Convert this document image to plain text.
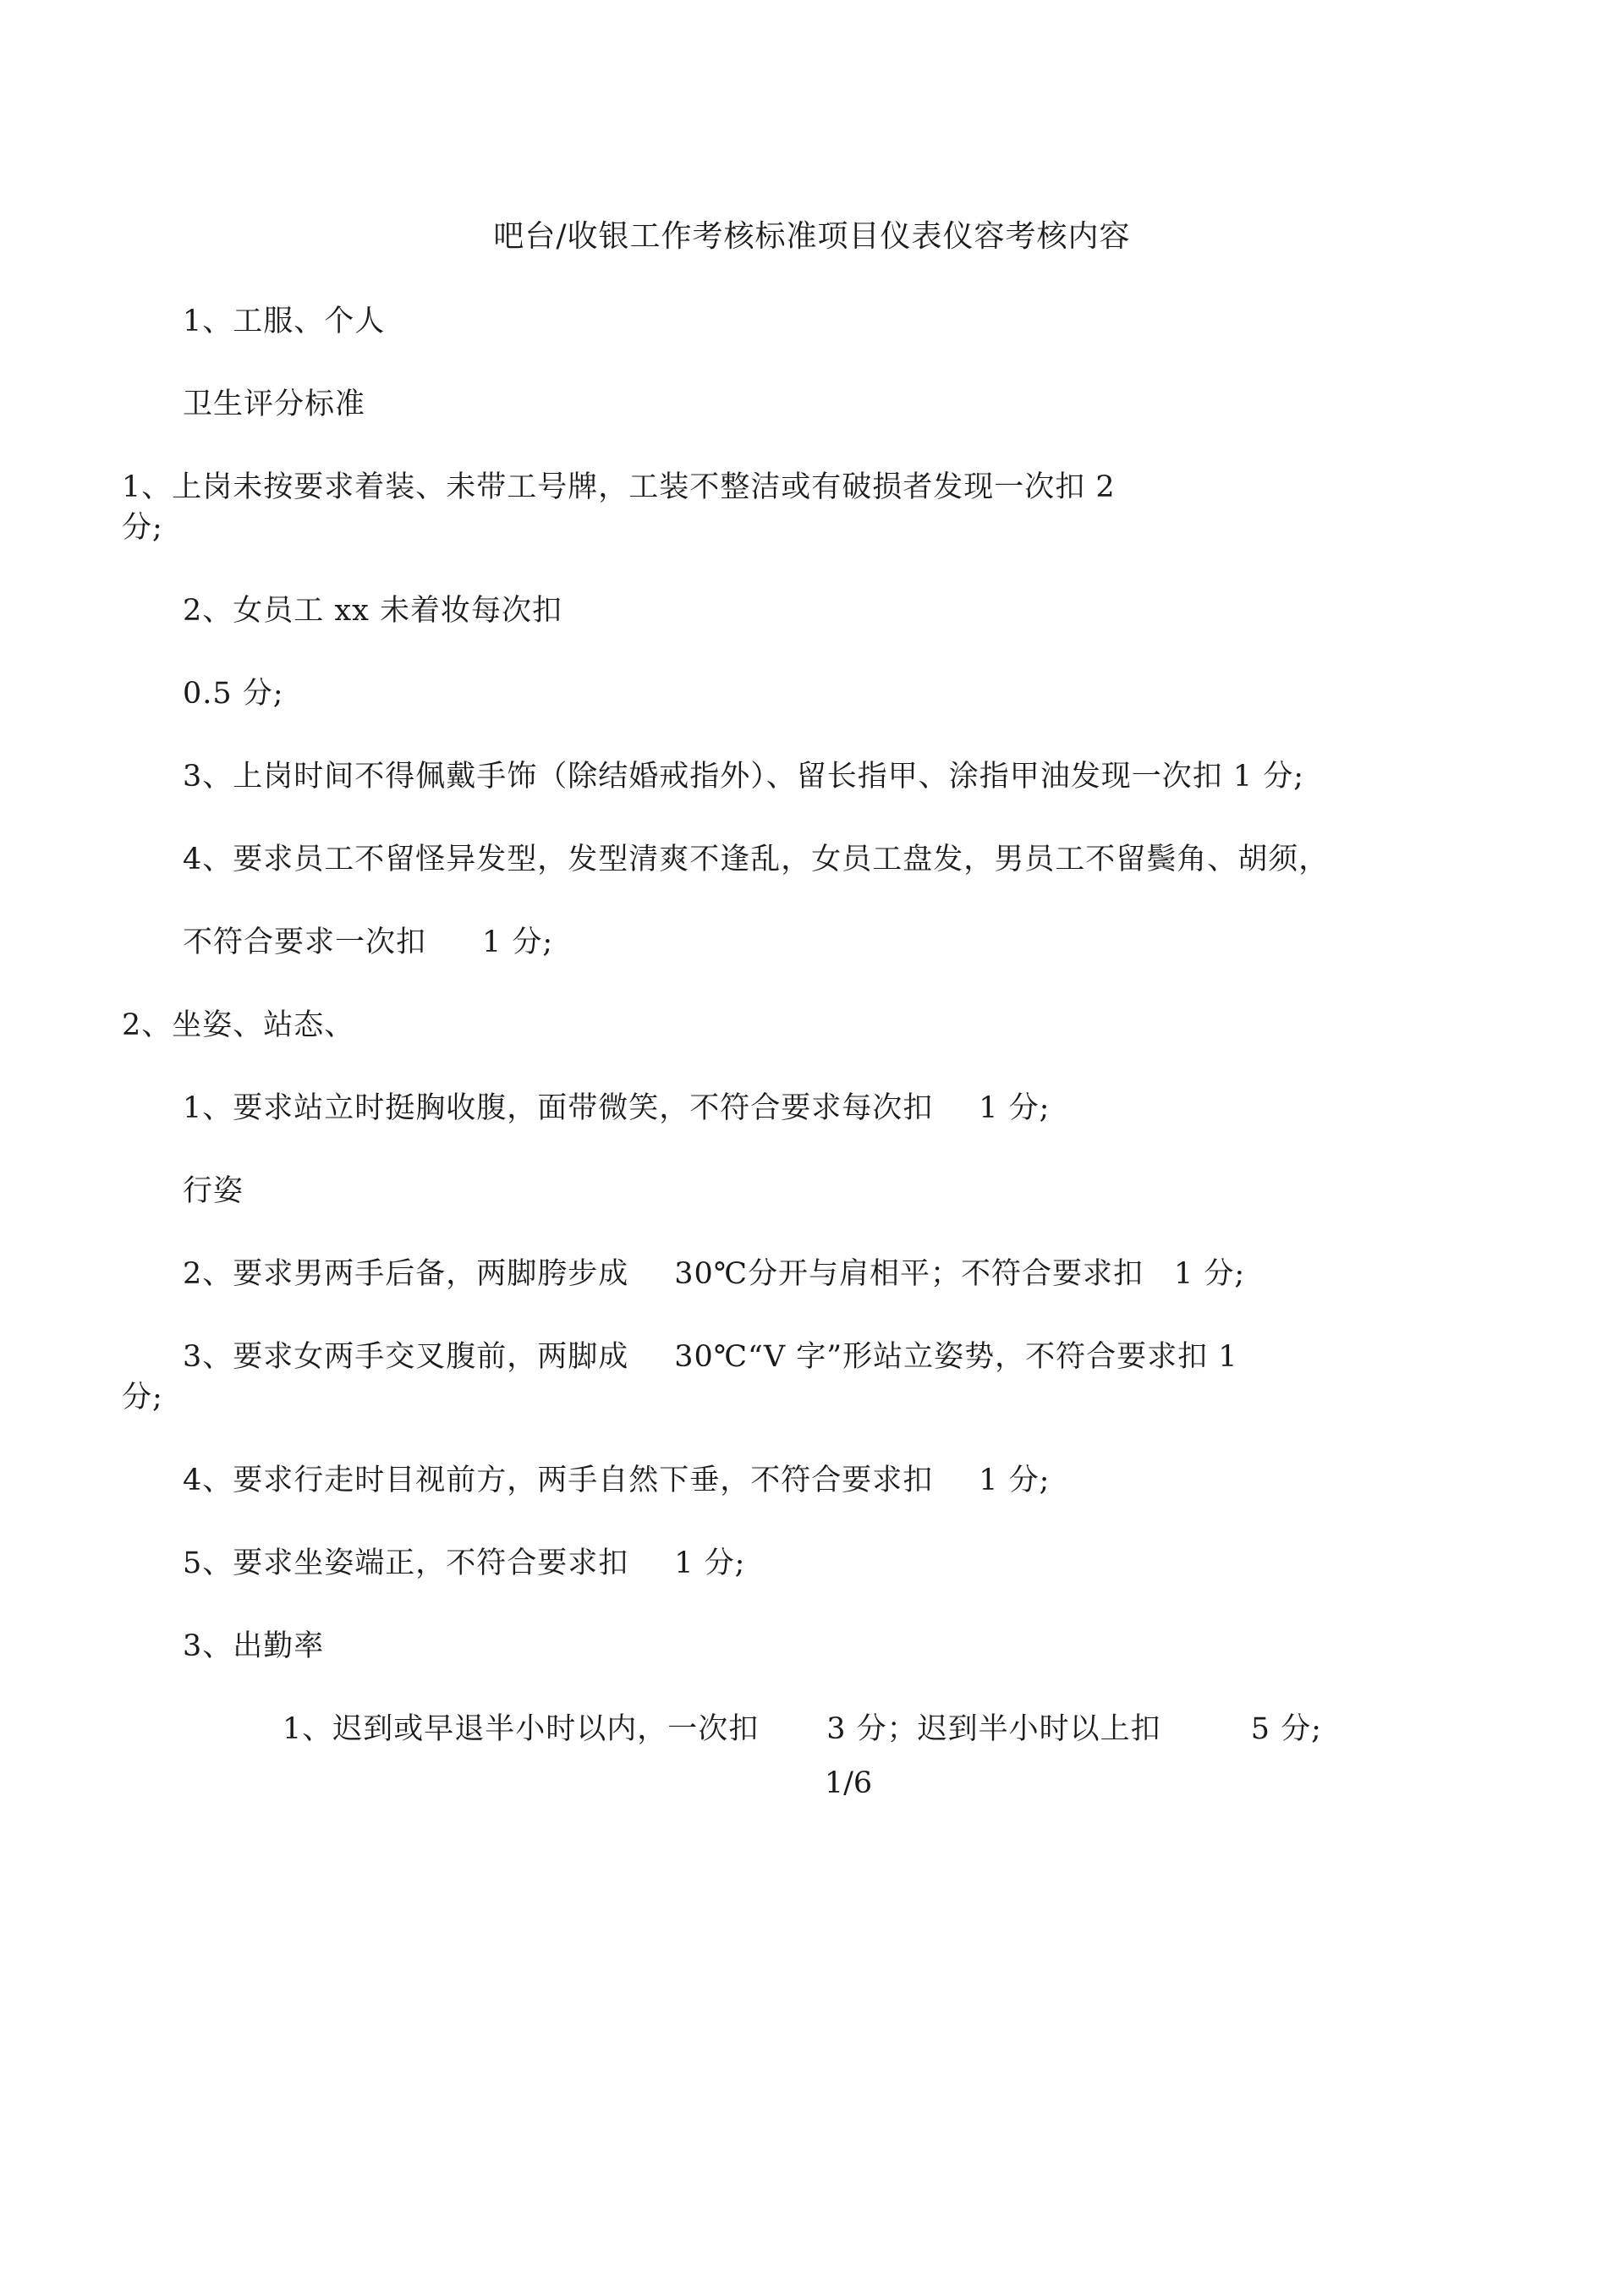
吧台/收银工作考核标准项目仪表仪容考核内容
1、工服、个人
卫生评分标准
1、上岗未按要求着装、未带工号牌，工装不整洁或有破损者发现一次扣 2
分;
2、女员工 xx 未着妆每次扣
0.5 分;
3、上岗时间不得佩戴手饰（除结婚戒指外）、留长指甲、涂指甲油发现一次扣 1 分;
4、要求员工不留怪异发型，发型清爽不逢乱，女员工盘发，男员工不留鬓角、胡须，
不符合要求一次扣 1 分;
2、坐姿、站态、
1、要求站立时挺胸收腹，面带微笑，不符合要求每次扣 1 分;
行姿
2、要求男两手后备，两脚胯步成 30℃分开与肩相平；不符合要求扣 1 分;
3、要求女两手交叉腹前，两脚成 30℃“V 字”形站立姿势，不符合要求扣 1
分;
4、要求行走时目视前方，两手自然下垂，不符合要求扣 1 分;
5、要求坐姿端正，不符合要求扣 1 分;
3、出勤率
1、迟到或早退半小时以内，一次扣 3 分；迟到半小时以上扣	5 分;
1/6
